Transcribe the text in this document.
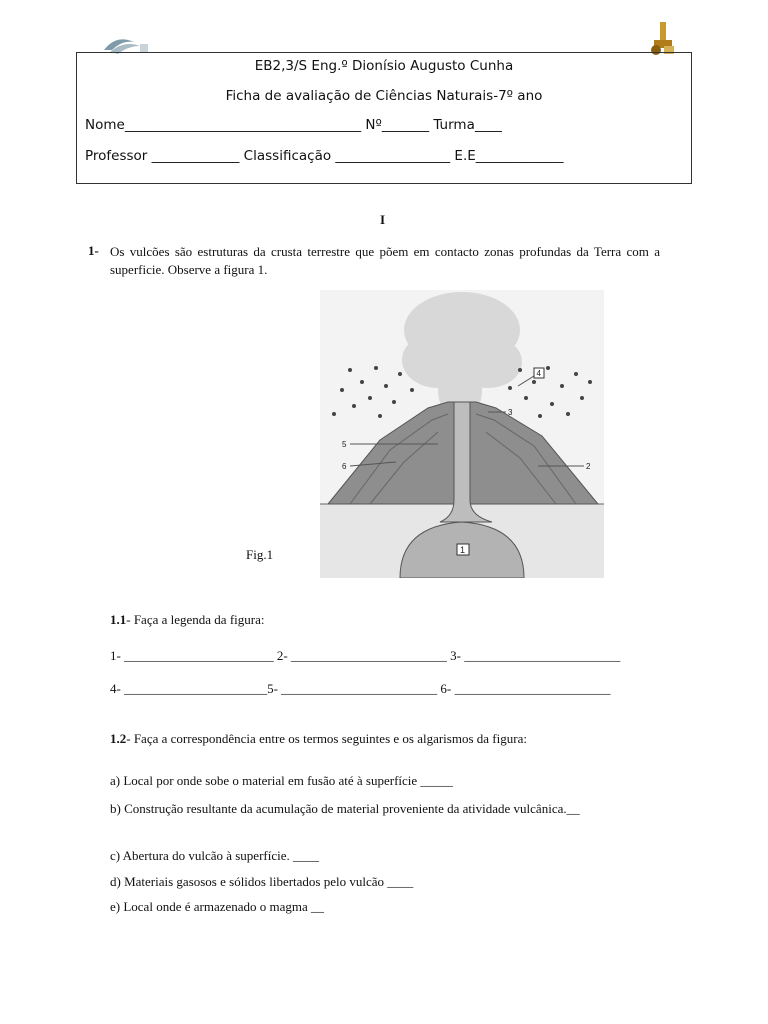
EB2,3/S Eng.º Dionísio Augusto Cunha
Ficha de avaliação de Ciências Naturais-7º ano
Nome___________________________________ Nº_______ Turma____
Professor _____________ Classificação _________________ E.E_____________
I
1- Os vulcões são estruturas da crusta terrestre que põem em contacto zonas profundas da Terra com a superficie. Observe a figura 1.
5
6
3
2
4
1
Fig.1
1.1- Faça a legenda da figura:
1- _______________________ 2- ________________________ 3- ________________________
4- ______________________5- ________________________ 6- ________________________
1.2- Faça a correspondência entre os termos seguintes e os algarismos da figura:
a) Local por onde sobe o material em fusão até à superfície _____
b) Construção resultante da acumulação de material proveniente da atividade vulcânica.__
c) Abertura do vulcão à superfície. ____
d) Materiais gasosos e sólidos libertados pelo vulcão ____
e) Local onde é armazenado o magma __
